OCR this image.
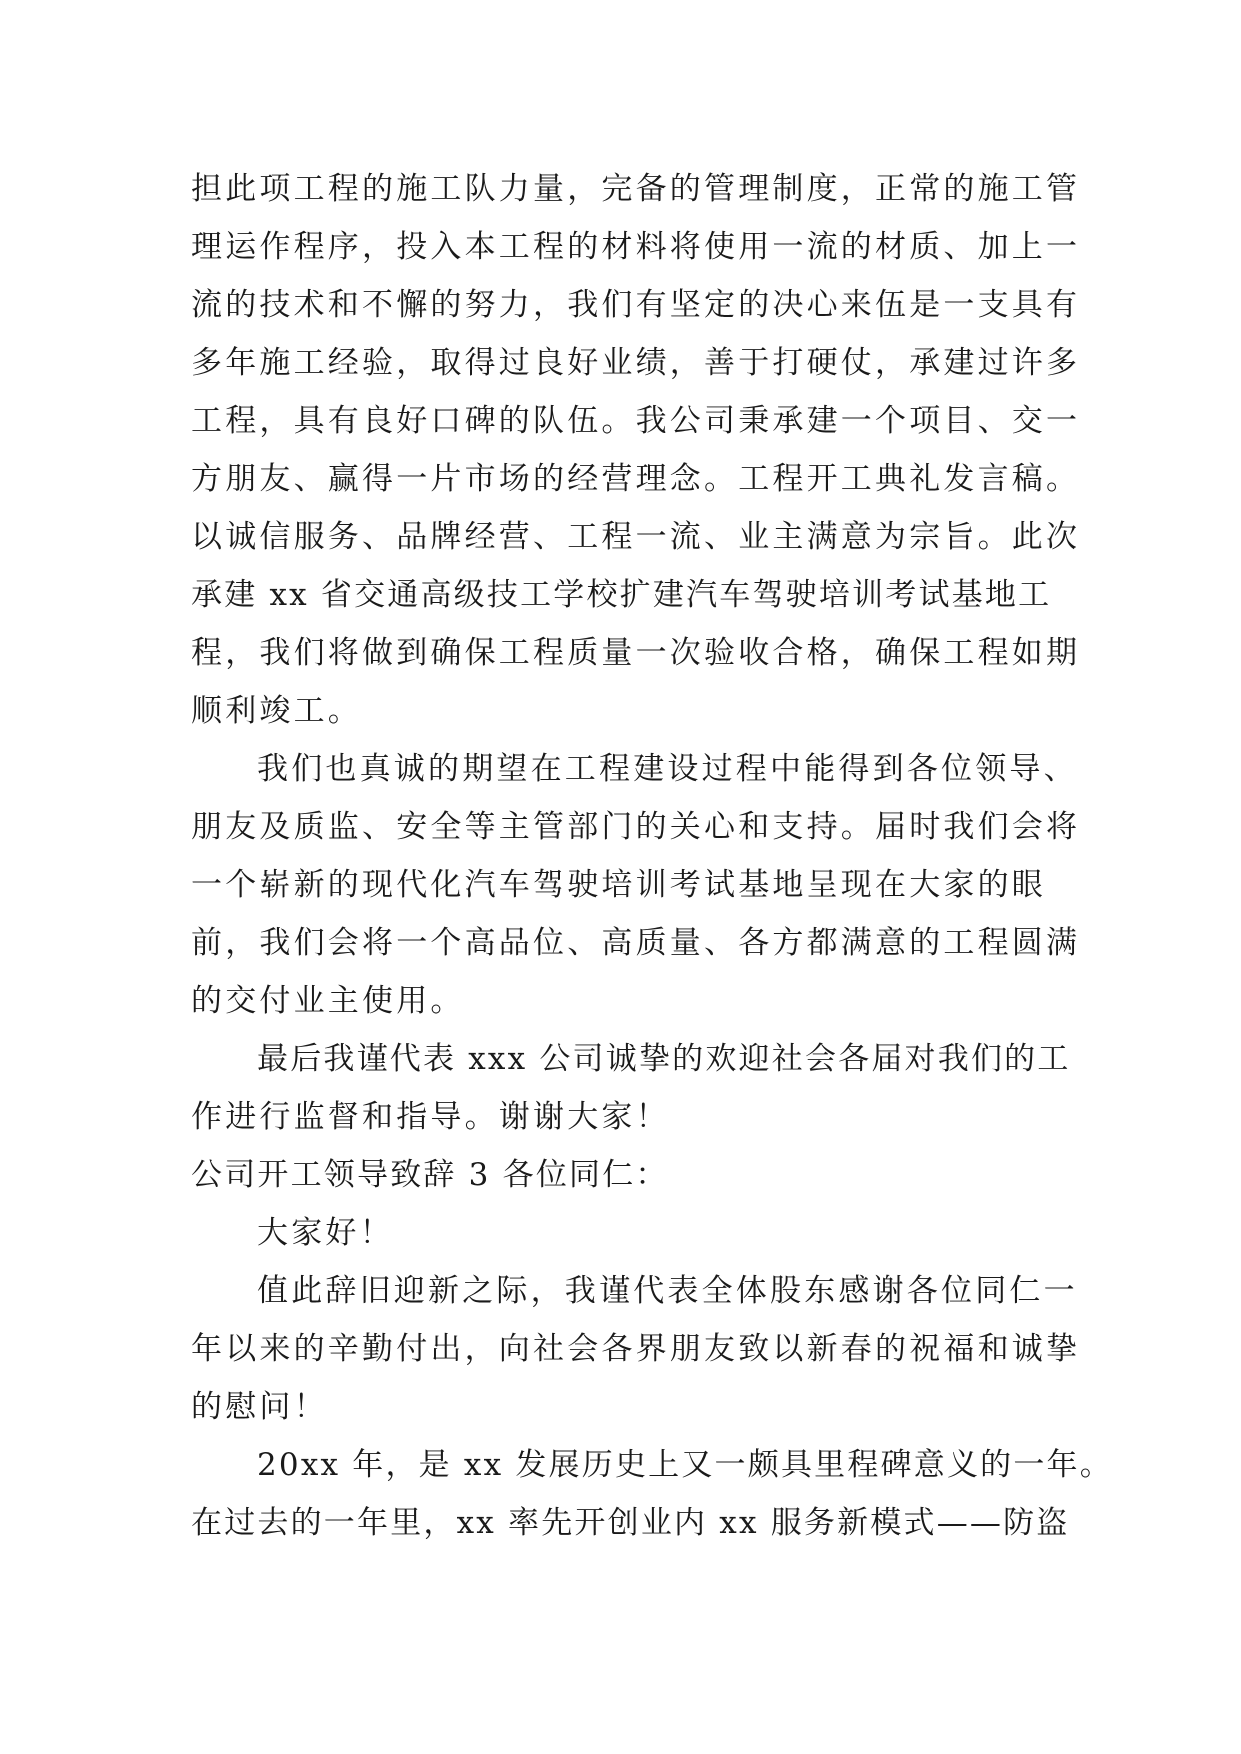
担此项工程的施工队力量，完备的管理制度，正常的施工管
理运作程序，投入本工程的材料将使用一流的材质、加上一
流的技术和不懈的努力，我们有坚定的决心来伍是一支具有
多年施工经验，取得过良好业绩，善于打硬仗，承建过许多
工程，具有良好口碑的队伍。我公司秉承建一个项目、交一
方朋友、赢得一片市场的经营理念。工程开工典礼发言稿。
以诚信服务、品牌经营、工程一流、业主满意为宗旨。此次
承建 xx 省交通高级技工学校扩建汽车驾驶培训考试基地工
程，我们将做到确保工程质量一次验收合格，确保工程如期
顺利竣工。
我们也真诚的期望在工程建设过程中能得到各位领导、
朋友及质监、安全等主管部门的关心和支持。届时我们会将
一个崭新的现代化汽车驾驶培训考试基地呈现在大家的眼
前，我们会将一个高品位、高质量、各方都满意的工程圆满
的交付业主使用。
最后我谨代表 xxx 公司诚挚的欢迎社会各届对我们的工
作进行监督和指导。谢谢大家！
公司开工领导致辞 3 各位同仁：
大家好！
值此辞旧迎新之际，我谨代表全体股东感谢各位同仁一
年以来的辛勤付出，向社会各界朋友致以新春的祝福和诚挚
的慰问！
20xx 年，是 xx 发展历史上又一颇具里程碑意义的一年。
在过去的一年里，xx 率先开创业内 xx 服务新模式——防盗
